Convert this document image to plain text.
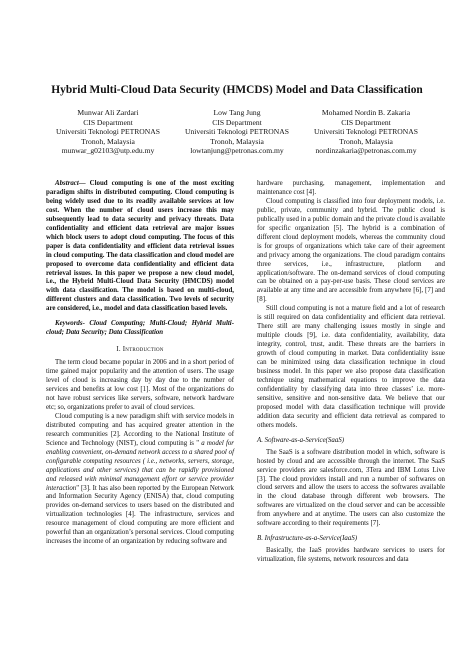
Hybrid Multi-Cloud Data Security (HMCDS) Model and Data Classification
Munwar Ali Zardari
CIS Department
Universiti Teknologi PETRONAS
Tronoh, Malaysia
munwar_g02103@utp.edu.my
Low Tang Jung
CIS Department
Universiti Teknologi PETRONAS
Tronoh, Malaysia
lowtanjung@petronas.com.my
Mohamed Nordin B. Zakaria
CIS Department
Universiti Teknologi PETRONAS
Tronoh, Malaysia
nordinzakaria@petronas.com.my

Abstract— Cloud computing is one of the most exciting paradigm shifts in distributed computing. Cloud computing is being widely used due to its readily available services at low cost. When the number of cloud users increase this may subsequently lead to data security and privacy threats. Data confidentiality and efficient data retrieval are major issues which block users to adopt cloud computing. The focus of this paper is data confidentiality and efficient data retrieval issues in cloud computing. The data classification and cloud model are proposed to overcome data confidentiality and efficient data retrieval issues. In this paper we propose a new cloud model, i.e., the Hybrid Multi-Cloud Data Security (HMCDS) model with data classification. The model is based on multi-cloud, different clusters and data classification. Two levels of security are considered, i.e., model and data classification based levels.

Keywords- Cloud Computing; Multi-Cloud; Hybrid Multi-cloud; Data Security; Data Classification

I. Introduction

The term cloud became popular in 2006 and in a short period of time gained major popularity and the attention of users. The usage level of cloud is increasing day by day due to the number of services and benefits at low cost [1]. Most of the organizations do not have robust services like servers, software, network hardware etc; so, organizations prefer to avail of cloud services.

Cloud computing is a new paradigm shift with service models in distributed computing and has acquired greater attention in the research communities [2]. According to the National Institute of Science and Technology (NIST), cloud computing is " a model for enabling convenient, on-demand network access to a shared pool of configurable computing resources ( i.e., networks, servers, storage, applications and other services) that can be rapidly provisioned and released with minimal management effort or service provider interaction" [3]. It has also been reported by the European Network and Information Security Agency (ENISA) that, cloud computing provides on-demand services to users based on the distributed and virtualization technologies [4]. The infrastructure, services and resource management of cloud computing are more efficient and powerful than an organization’s personal services. Cloud computing increases the income of an organization by reducing software and

hardware purchasing, management, implementation and maintenance cost [4].

Cloud computing is classified into four deployment models, i.e. public, private, community and hybrid. The public cloud is publically used in a public domain and the private cloud is available for specific organization [5]. The hybrid is a combination of different cloud deployment models, whereas the community cloud is for groups of organizations which take care of their agreement and privacy among the organizations. The cloud paradigm contains three services, i.e., infrastructure, platform and application/software. The on-demand services of cloud computing can be obtained on a pay-per-use basis. These cloud services are available at any time and are accessible from anywhere [6], [7] and [8].

Still cloud computing is not a mature field and a lot of research is still required on data confidentiality and efficient data retrieval. There still are many challenging issues mostly in single and multiple clouds [9], i.e. data confidentiality, availability, data integrity, control, trust, audit. These threats are the barriers in growth of cloud computing in market. Data confidentiality issue can be minimized using data classification technique in cloud business model. In this paper we also propose data classification technique using mathematical equations to improve the data confidentiality by classifying data into three classes’ i.e. more-sensitive, sensitive and non-sensitive data. We believe that our proposed model with data classification technique will provide addition data security and efficient data retrieval as compared to others models.

A. Software-as-a-Service(SaaS)

The SaaS is a software distribution model in which, software is hosted by cloud and are accessible through the internet. The SaaS service providers are salesforce.com, 3Tera and IBM Lotus Live [3]. The cloud providers install and run a number of softwares on cloud servers and allow the users to access the softwares available in the cloud database through different web browsers. The softwares are virtualized on the cloud server and can be accessible from anywhere and at anytime. The users can also customize the software according to their requirements [7].

B. Infrastructure-as-a-Service(IaaS)

Basically, the IaaS provides hardware services to users for virtualization, file systems, network resources and data
